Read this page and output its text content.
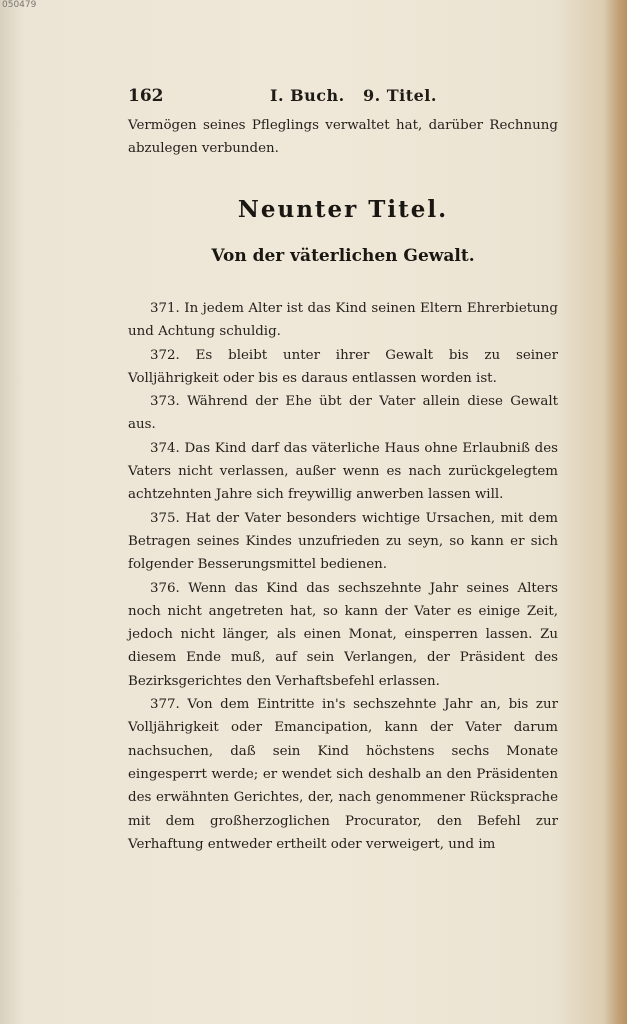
050479
162	I. Buch.   9. Titel.

Vermögen seines Pfleglings verwaltet hat, darüber Rechnung abzulegen verbunden.

Neunter Titel.
Von der väterlichen Gewalt.

371. In jedem Alter ist das Kind seinen Eltern Ehrerbietung und Achtung schuldig.

372. Es bleibt unter ihrer Gewalt bis zu seiner Volljährigkeit oder bis es daraus entlassen worden ist.

373. Während der Ehe übt der Vater allein diese Gewalt aus.

374. Das Kind darf das väterliche Haus ohne Erlaubniß des Vaters nicht verlassen, außer wenn es nach zurückgelegtem achtzehnten Jahre sich freywillig anwerben lassen will.

375. Hat der Vater besonders wichtige Ursachen, mit dem Betragen seines Kindes unzufrieden zu seyn, so kann er sich folgender Besserungsmittel bedienen.

376. Wenn das Kind das sechszehnte Jahr seines Alters noch nicht angetreten hat, so kann der Vater es einige Zeit, jedoch nicht länger, als einen Monat, einsperren lassen. Zu diesem Ende muß, auf sein Verlangen, der Präsident des Bezirksgerichtes den Verhaftsbefehl erlassen.

377. Von dem Eintritte in's sechszehnte Jahr an, bis zur Volljährigkeit oder Emancipation, kann der Vater darum nachsuchen, daß sein Kind höchstens sechs Monate eingesperrt werde; er wendet sich deshalb an den Präsidenten des erwähnten Gerichtes, der, nach genommener Rücksprache mit dem großherzoglichen Procurator, den Befehl zur Verhaftung entweder ertheilt oder verweigert, und im
